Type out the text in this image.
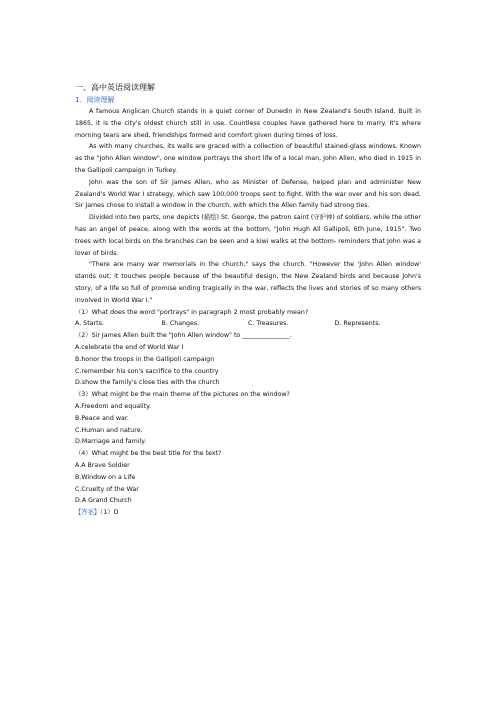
一、高中英语阅读理解
1．阅读理解

A famous Anglican Church stands in a quiet corner of Dunedin in New Zealand's South Island. Built in 1865, it is the city's oldest church still in use. Countless couples have gathered here to marry. It's where morning tears are shed, friendships formed and comfort given during times of loss.

As with many churches, its walls are graced with a collection of beautiful stained-glass windows. Known as the "John Allen window", one window portrays the short life of a local man, John Allen, who died in 1915 in the Gallipoli campaign in Turkey.

John was the son of Sir James Allen, who as Minister of Defense, helped plan and administer New Zealand's World War I strategy, which saw 100,000 troops sent to fight. With the war over and his son dead, Sir James chose to install a window in the church, with which the Allen family had strong ties.

Divided into two parts, one depicts (描绘) St. George, the patron saint (守护神) of soldiers, while the other has an angel of peace, along with the words at the bottom, "John Hugh All Gallipoli, 6th June, 1915". Two trees with local birds on the branches can be seen and a kiwi walks at the bottom- reminders that John was a lover of birds.

"There are many war memorials in the church," says the church. "However the 'John Allen window' stands out; it touches people because of the beautiful design, the New Zealand birds and because John's story, of a life so full of promise ending tragically in the war, reflects the lives and stories of so many others involved in World War I."

（1）What does the word "portrays" in paragraph 2 most probably mean?
A. Starts.	B. Changes.	C. Treasures.	D. Represents.
（2）Sir James Allen built the "John Allen window" to _______________.
A.celebrate the end of World War I
B.honor the troops in the Gallipoli campaign
C.remember his son's sacrifice to the country
D.show the family's close ties with the church
（3）What might be the main theme of the pictures on the window?
A.Freedom and equality.
B.Peace and war.
C.Human and nature.
D.Marriage and family.
（4）What might be the best title for the text?
A.A Brave Soldier
B.Window on a Life
C.Cruelty of the War
D.A Grand Church
【答案】（1）D
